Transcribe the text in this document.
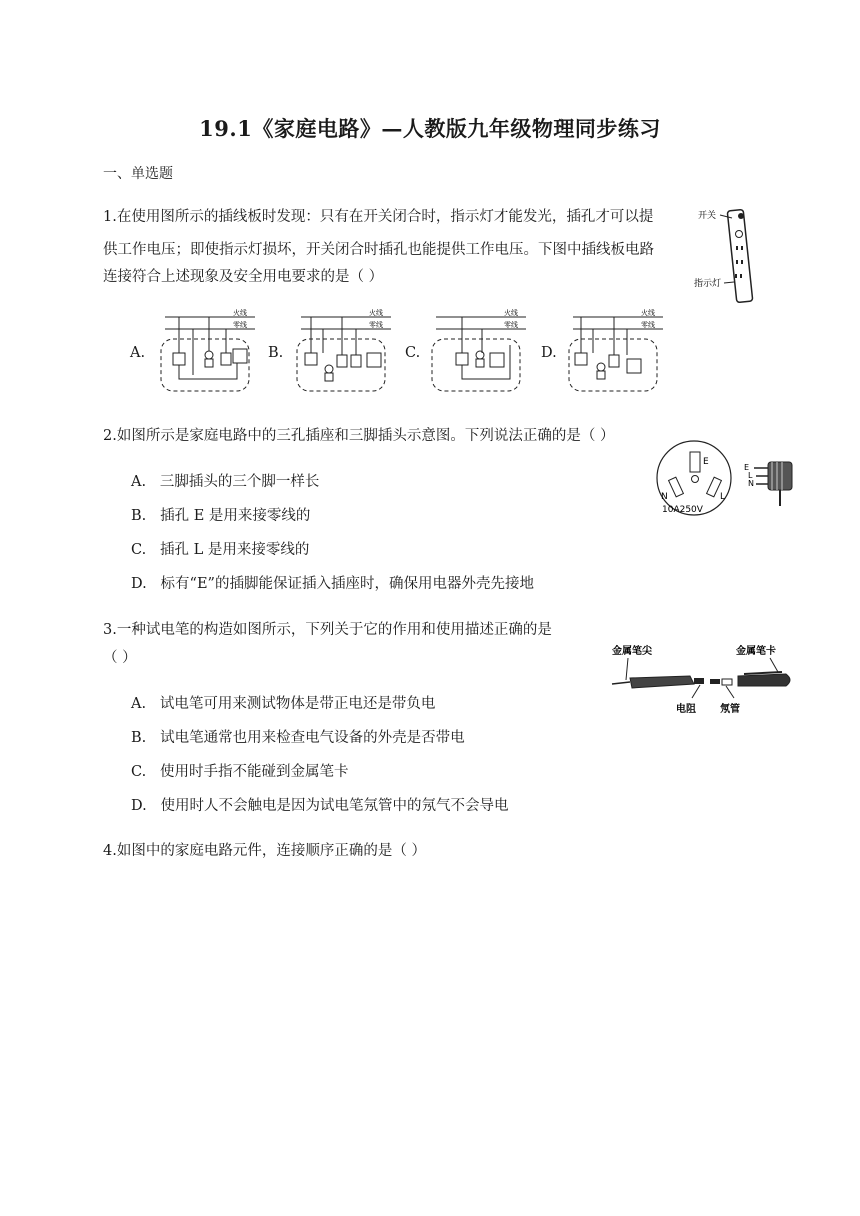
19.1《家庭电路》—人教版九年级物理同步练习
一、单选题
1.在使用图所示的插线板时发现：只有在开关闭合时，指示灯才能发光，插孔才可以提
供工作电压；即使指示灯损坏，开关闭合时插孔也能提供工作电压。下图中插线板电路
连接符合上述现象及安全用电要求的是（ ）
开关
指示灯
A.	B.	C.	D.
火线
零线
火线
零线
火线
零线
火线
零线
2.如图所示是家庭电路中的三孔插座和三脚插头示意图。下列说法正确的是（ ）
A. 三脚插头的三个脚一样长
B. 插孔 E 是用来接零线的
C. 插孔 L 是用来接零线的
D. 标有“E”的插脚能保证插入插座时，确保用电器外壳先接地
E
N	L
10A250V
E
L
N
3.一种试电笔的构造如图所示，下列关于它的作用和使用描述正确的是
（ ）
A. 试电笔可用来测试物体是带正电还是带负电
B. 试电笔通常也用来检查电气设备的外壳是否带电
C. 使用时手指不能碰到金属笔卡
D. 使用时人不会触电是因为试电笔氖管中的氖气不会导电
金属笔尖	金属笔卡
电阻 氖管
4.如图中的家庭电路元件，连接顺序正确的是（ ）
